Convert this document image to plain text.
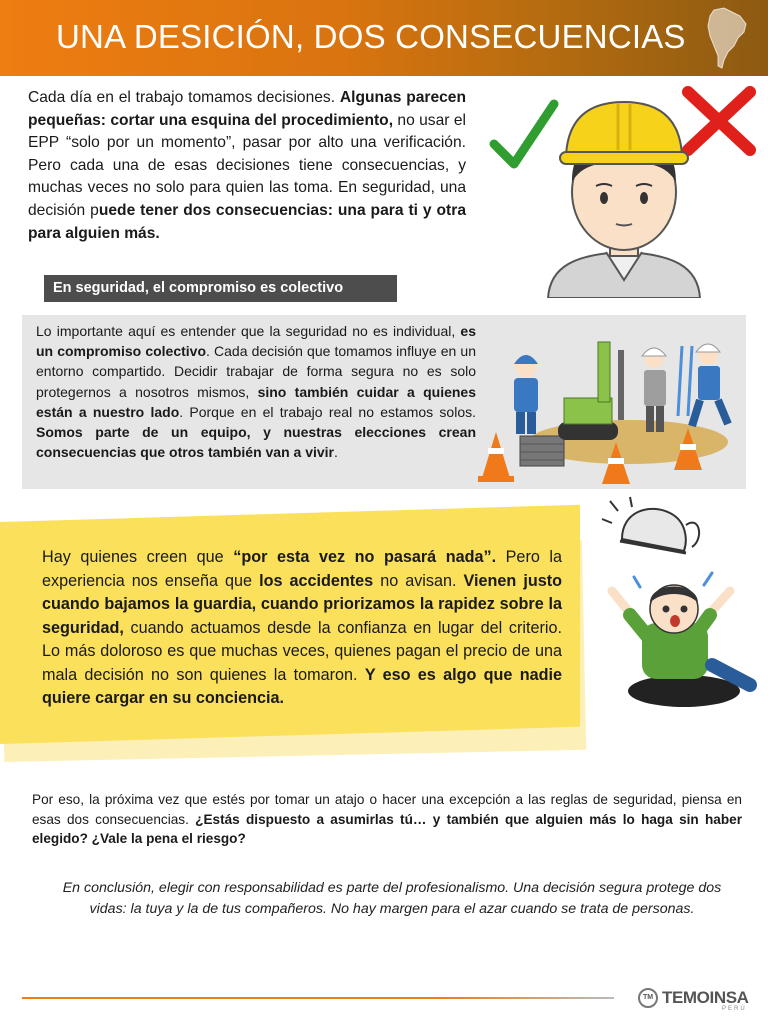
UNA DESICIÓN, DOS CONSECUENCIAS

Cada día en el trabajo tomamos decisiones. Algunas parecen pequeñas: cortar una esquina del procedimiento, no usar el EPP “solo por un momento”, pasar por alto una verificación. Pero cada una de esas decisiones tiene consecuencias, y muchas veces no solo para quien las toma. En seguridad, una decisión puede tener dos consecuencias: una para ti y otra para alguien más.

En seguridad, el compromiso es colectivo

Lo importante aquí es entender que la seguridad no es individual, es un compromiso colectivo. Cada decisión que tomamos influye en un entorno compartido. Decidir trabajar de forma segura no es solo protegernos a nosotros mismos, sino también cuidar a quienes están a nuestro lado. Porque en el trabajo real no estamos solos. Somos parte de un equipo, y nuestras elecciones crean consecuencias que otros también van a vivir.

Hay quienes creen que “por esta vez no pasará nada”. Pero la experiencia nos enseña que los accidentes no avisan. Vienen justo cuando bajamos la guardia, cuando priorizamos la rapidez sobre la seguridad, cuando actuamos desde la confianza en lugar del criterio. Lo más doloroso es que muchas veces, quienes pagan el precio de una mala decisión no son quienes la tomaron. Y eso es algo que nadie quiere cargar en su conciencia.

Por eso, la próxima vez que estés por tomar un atajo o hacer una excepción a las reglas de seguridad, piensa en esas dos consecuencias. ¿Estás dispuesto a asumirlas tú… y también que alguien más lo haga sin haber elegido? ¿Vale la pena el riesgo?

En conclusión, elegir con responsabilidad es parte del profesionalismo. Una decisión segura protege dos vidas: la tuya y la de tus compañeros. No hay margen para el azar cuando se trata de personas.

TM TEMOINSA
PERÚ
